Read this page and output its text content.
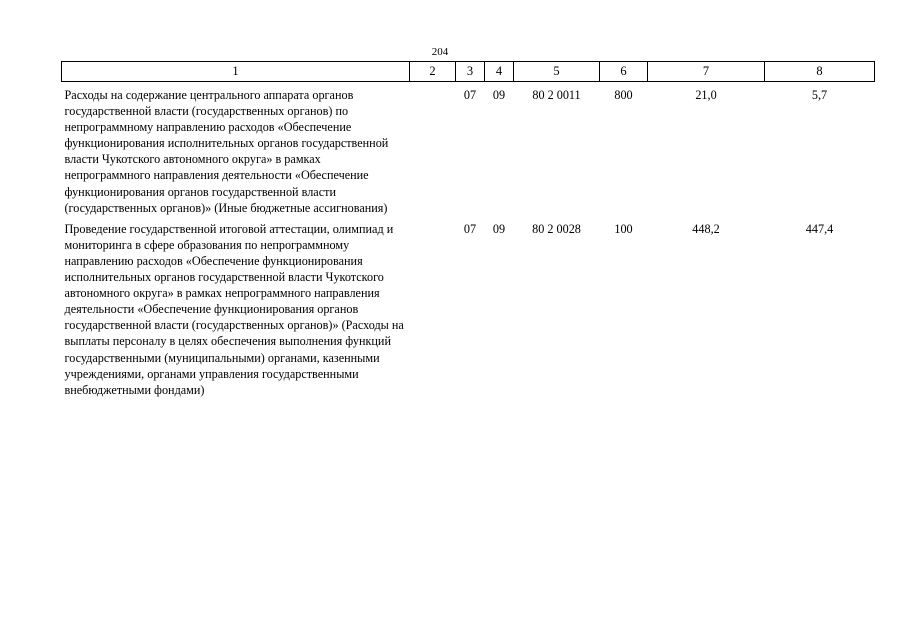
204
1	2	3	4	5	6	7	8
Расходы на содержание центрального аппарата органов государственной власти (государственных органов) по непрограммному направлению расходов «Обеспечение функционирования исполнительных органов государственной власти Чукотского автономного округа» в рамках непрограммного направления деятельности «Обеспечение функционирования органов государственной власти (государственных органов)» (Иные бюджетные ассигнования)		07	09	80 2 0011	800	21,0	5,7
Проведение государственной итоговой аттестации, олимпиад и мониторинга в сфере образования по непрограммному направлению расходов «Обеспечение функционирования исполнительных органов государственной власти Чукотского автономного округа» в рамках непрограммного направления деятельности «Обеспечение функционирования органов государственной власти (государственных органов)» (Расходы на выплаты персоналу в целях обеспечения выполнения функций государственными (муниципальными) органами, казенными учреждениями, органами управления государственными внебюджетными фондами)		07	09	80 2 0028	100	448,2	447,4
